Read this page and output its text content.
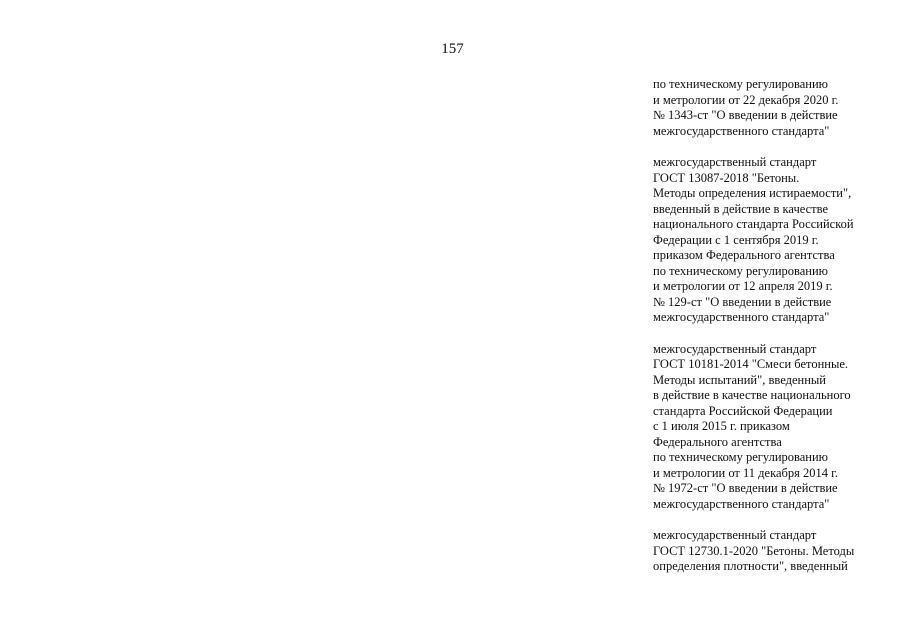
157
по техническому регулированию
и метрологии от 22 декабря 2020 г.
№ 1343-ст "О введении в действие
межгосударственного стандарта"
межгосударственный стандарт
ГОСТ 13087-2018 "Бетоны.
Методы определения истираемости",
введенный в действие в качестве
национального стандарта Российской
Федерации с 1 сентября 2019 г.
приказом Федерального агентства
по техническому регулированию
и метрологии от 12 апреля 2019 г.
№ 129-ст "О введении в действие
межгосударственного стандарта"
межгосударственный стандарт
ГОСТ 10181-2014 "Смеси бетонные.
Методы испытаний", введенный
в действие в качестве национального
стандарта Российской Федерации
с 1 июля 2015 г. приказом
Федерального агентства
по техническому регулированию
и метрологии от 11 декабря 2014 г.
№ 1972-ст "О введении в действие
межгосударственного стандарта"
межгосударственный стандарт
ГОСТ 12730.1-2020 "Бетоны. Методы
определения плотности", введенный
